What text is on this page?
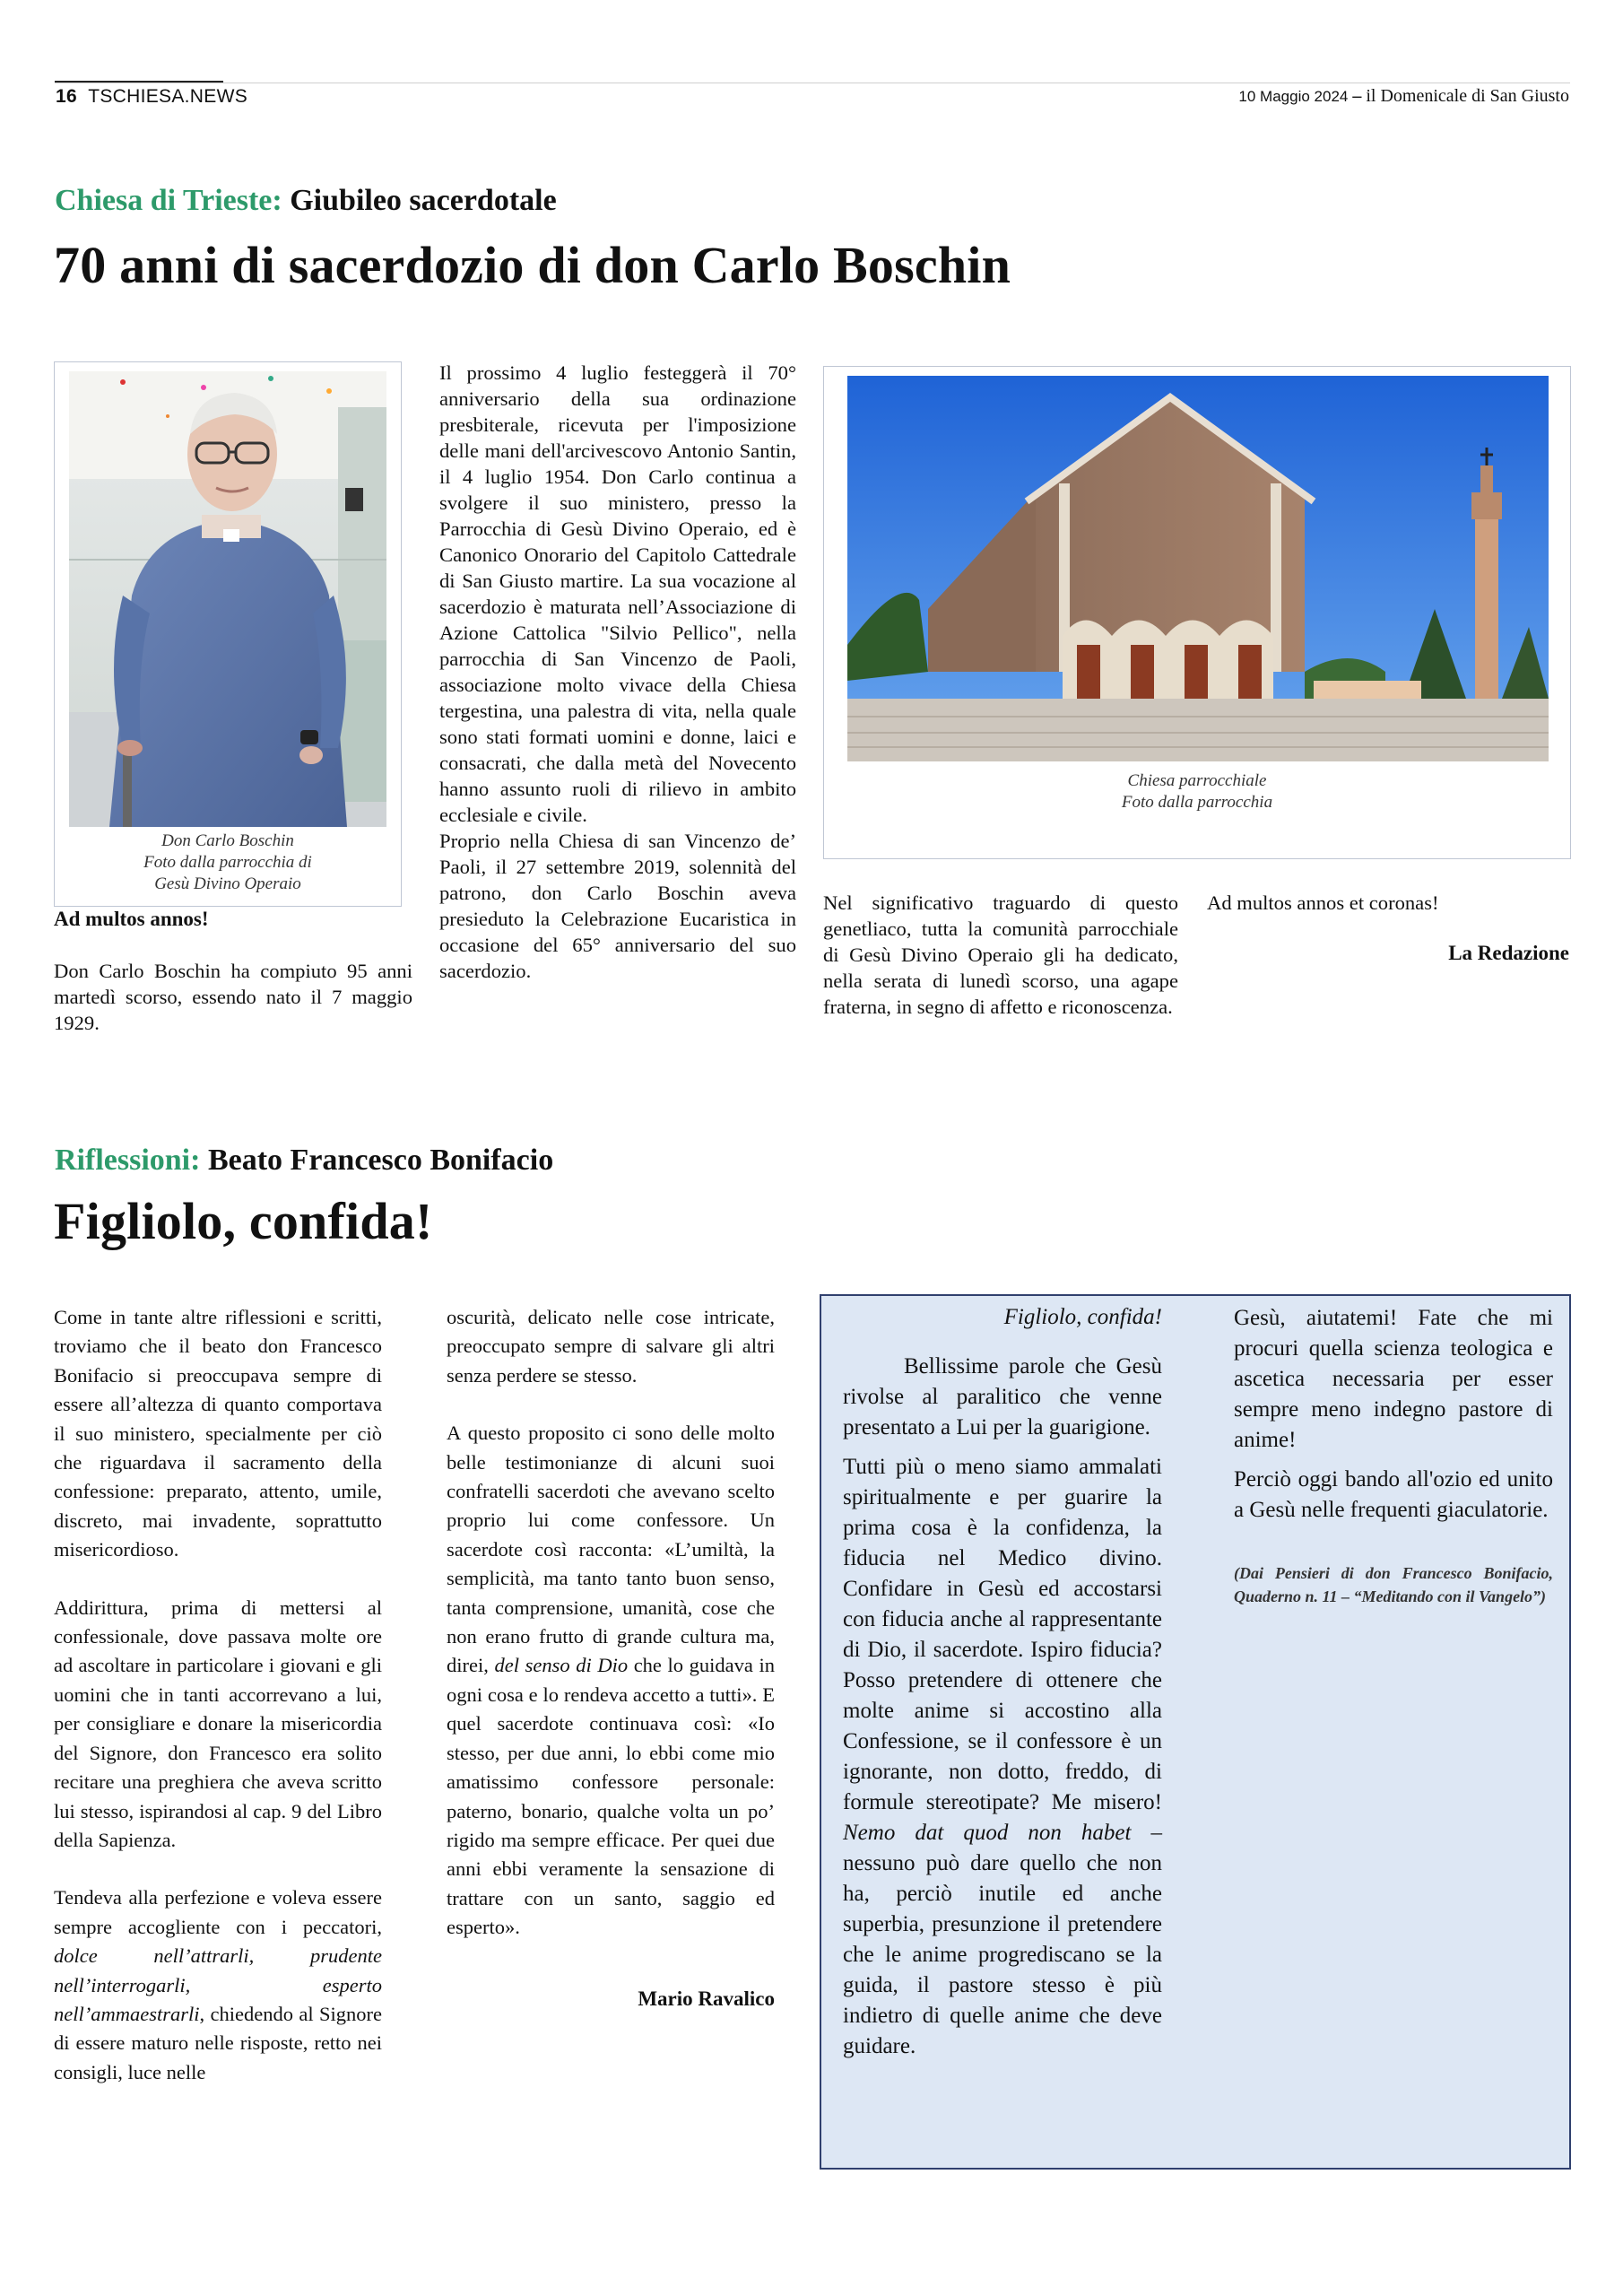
16 TSCHIESA.NEWS	10 Maggio 2024 – il Domenicale di San Giusto
Chiesa di Trieste: Giubileo sacerdotale
70 anni di sacerdozio di don Carlo Boschin
Don Carlo Boschin
Foto dalla parrocchia di
Gesù Divino Operaio
Ad multos annos!

Don Carlo Boschin ha compiuto 95 anni martedì scorso, essendo nato il 7 maggio 1929.

Il prossimo 4 luglio festeggerà il 70° anniversario della sua ordinazione presbiterale, ricevuta per l'imposizione delle mani dell'arcivescovo Antonio Santin, il 4 luglio 1954. Don Carlo continua a svolgere il suo ministero, presso la Parrocchia di Gesù Divino Operaio, ed è Canonico Onorario del Capitolo Cattedrale di San Giusto martire. La sua vocazione al sacerdozio è maturata nell’Associazione di Azione Cattolica "Silvio Pellico", nella parrocchia di San Vincenzo de Paoli, associazione molto vivace della Chiesa tergestina, una palestra di vita, nella quale sono stati formati uomini e donne, laici e consacrati, che dalla metà del Novecento hanno assunto ruoli di rilievo in ambito ecclesiale e civile.

Proprio nella Chiesa di san Vincenzo de’ Paoli, il 27 settembre 2019, solennità del patrono, don Carlo Boschin aveva presieduto la Celebrazione Eucaristica in occasione del 65° anniversario del suo sacerdozio.

Chiesa parrocchiale
Foto dalla parrocchia

Nel significativo traguardo di questo genetliaco, tutta la comunità parrocchiale di Gesù Divino Operaio gli ha dedicato, nella serata di lunedì scorso, una agape fraterna, in segno di affetto e riconoscenza.

Ad multos annos et coronas!

La Redazione
Riflessioni: Beato Francesco Bonifacio
Figliolo, confida!

Come in tante altre riflessioni e scritti, troviamo che il beato don Francesco Bonifacio si preoccupava sempre di essere all’altezza di quanto comportava il suo ministero, specialmente per ciò che riguardava il sacramento della confessione: preparato, attento, umile, discreto, mai invadente, soprattutto misericordioso.

Addirittura, prima di mettersi al confessionale, dove passava molte ore ad ascoltare in particolare i giovani e gli uomini che in tanti accorrevano a lui, per consigliare e donare la misericordia del Signore, don Francesco era solito recitare una preghiera che aveva scritto lui stesso, ispirandosi al cap. 9 del Libro della Sapienza.

Tendeva alla perfezione e voleva essere sempre accogliente con i peccatori, dolce nell’attrarli, prudente nell’interrogarli, esperto nell’ammaestrarli, chiedendo al Signore di essere maturo nelle risposte, retto nei consigli, luce nelle

oscurità, delicato nelle cose intricate, preoccupato sempre di salvare gli altri senza perdere se stesso.

A questo proposito ci sono delle molto belle testimonianze di alcuni suoi confratelli sacerdoti che avevano scelto proprio lui come confessore. Un sacerdote così racconta: «L’umiltà, la semplicità, ma tanto tanto buon senso, tanta comprensione, umanità, cose che non erano frutto di grande cultura ma, direi, del senso di Dio che lo guidava in ogni cosa e lo rendeva accetto a tutti». E quel sacerdote continuava così: «Io stesso, per due anni, lo ebbi come mio amatissimo confessore personale: paterno, bonario, qualche volta un po’ rigido ma sempre efficace. Per quei due anni ebbi veramente la sensazione di trattare con un santo, saggio ed esperto».

Mario Ravalico
Figliolo, confida!

Bellissime parole che Gesù rivolse al paralitico che venne presentato a Lui per la guarigione.

Tutti più o meno siamo ammalati spiritualmente e per guarire la prima cosa è la confidenza, la fiducia nel Medico divino. Confidare in Gesù ed accostarsi con fiducia anche al rappresentante di Dio, il sacerdote. Ispiro fiducia? Posso pretendere di ottenere che molte anime si accostino alla Confessione, se il confessore è un ignorante, non dotto, freddo, di formule stereotipate? Me misero! Nemo dat quod non habet – nessuno può dare quello che non ha, perciò inutile ed anche superbia, presunzione il pretendere che le anime progrediscano se la guida, il pastore stesso è più indietro di quelle anime che deve guidare.

Gesù, aiutatemi! Fate che mi procuri quella scienza teologica e ascetica necessaria per esser sempre meno indegno pastore di anime!

Perciò oggi bando all'ozio ed unito a Gesù nelle frequenti giaculatorie.

(Dai Pensieri di don Francesco Bonifacio, Quaderno n. 11 – “Meditando con il Vangelo”)
